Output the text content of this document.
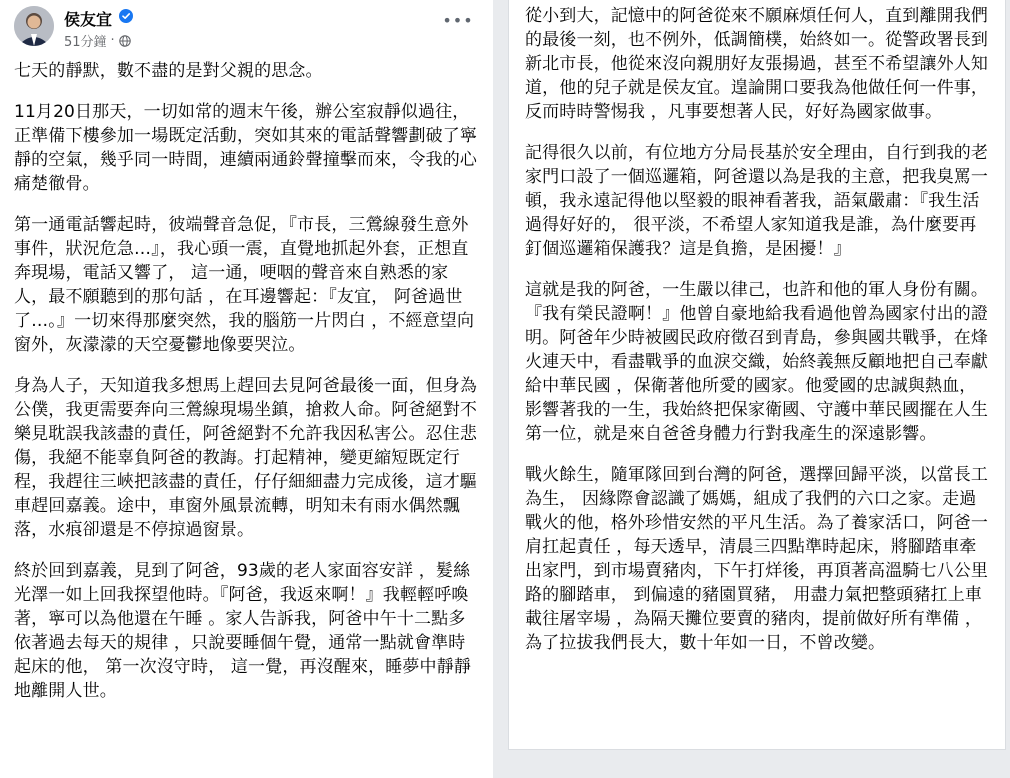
侯友宜
51分鐘 ·
•••

七天的靜默，數不盡的是對父親的思念。

11月20日那天，一切如常的週末午後，辦公室寂靜似過往，正準備下樓參加一場既定活動，突如其來的電話聲響劃破了寧靜的空氣，幾乎同一時間，連續兩通鈴聲撞擊而來，令我的心痛楚徹骨。

第一通電話響起時，彼端聲音急促，『市長，三鶯線發生意外事件，狀況危急…』，我心頭一震，直覺地抓起外套，正想直奔現場，電話又響了， 這一通，哽咽的聲音來自熟悉的家人，最不願聽到的那句話 ，在耳邊響起：『友宜， 阿爸過世了…。』一切來得那麼突然，我的腦筋一片閃白 ，不經意望向窗外，灰濛濛的天空憂鬱地像要哭泣。

身為人子，天知道我多想馬上趕回去見阿爸最後一面，但身為公僕，我更需要奔向三鶯線現場坐鎮，搶救人命。阿爸絕對不樂見耽誤我該盡的責任，阿爸絕對不允許我因私害公。忍住悲傷，我絕不能辜負阿爸的教誨。打起精神，變更縮短既定行程，我趕往三峽把該盡的責任，仔仔細細盡力完成後，這才驅車趕回嘉義。途中，車窗外風景流轉，明知未有雨水偶然飄落，水痕卻還是不停掠過窗景。

終於回到嘉義，見到了阿爸，93歲的老人家面容安詳 ，髮絲光澤一如上回我探望他時。『阿爸，我返來啊！』我輕輕呼喚著，寧可以為他還在午睡 。家人告訴我，阿爸中午十二點多依著過去每天的規律 ，只說要睡個午覺，通常一點就會準時起床的他， 第一次沒守時， 這一覺，再沒醒來，睡夢中靜靜地離開人世。

從小到大，記憶中的阿爸從來不願麻煩任何人，直到離開我們的最後一刻，也不例外，低調簡樸，始終如一。從警政署長到新北市長，他從來沒向親朋好友張揚過，甚至不希望讓外人知道，他的兒子就是侯友宜。遑論開口要我為他做任何一件事，反而時時警惕我 ，凡事要想著人民，好好為國家做事。

記得很久以前，有位地方分局長基於安全理由，自行到我的老家門口設了一個巡邏箱，阿爸還以為是我的主意，把我臭罵一頓，我永遠記得他以堅毅的眼神看著我，語氣嚴肅：『我生活過得好好的， 很平淡，不希望人家知道我是誰，為什麼要再釘個巡邏箱保護我？這是負擔，是困擾！』

這就是我的阿爸，一生嚴以律己，也許和他的軍人身份有關。『我有榮民證啊！』他曾自豪地給我看過他曾為國家付出的證明。阿爸年少時被國民政府徵召到青島，參與國共戰爭，在烽火連天中，看盡戰爭的血淚交織，始終義無反顧地把自己奉獻給中華民國 ，保衛著他所愛的國家。他愛國的忠誠與熱血，影響著我的一生，我始終把保家衛國、守護中華民國擺在人生第一位，就是來自爸爸身體力行對我產生的深遠影響。

戰火餘生，隨軍隊回到台灣的阿爸，選擇回歸平淡，以當長工為生， 因緣際會認識了媽媽，組成了我們的六口之家。走過戰火的他，格外珍惜安然的平凡生活。為了養家活口，阿爸一肩扛起責任 ，每天透早，清晨三四點準時起床，將腳踏車牽出家門，到市場賣豬肉，下午打烊後，再頂著高溫騎七八公里路的腳踏車， 到偏遠的豬園買豬， 用盡力氣把整頭豬扛上車載往屠宰場 ，為隔天攤位要賣的豬肉，提前做好所有準備 ，為了拉拔我們長大，數十年如一日，不曾改變。
